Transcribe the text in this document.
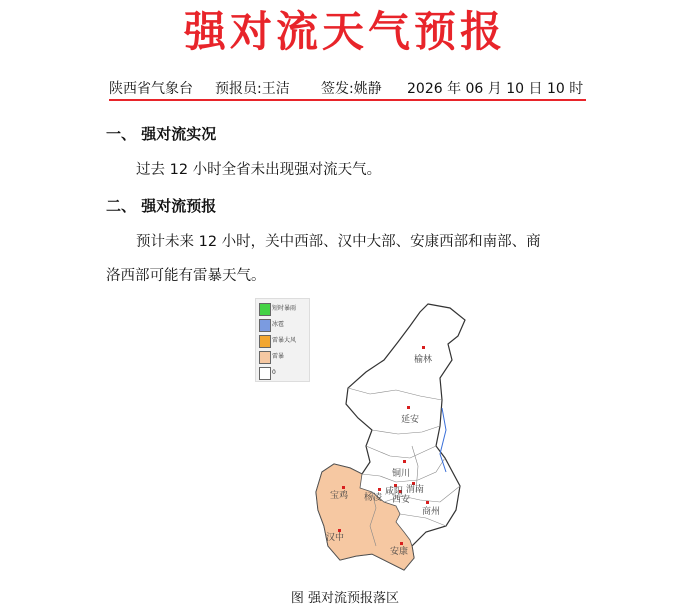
强对流天气预报
陕西省气象台 预报员:王洁 签发:姚静 2026 年 06 月 10 日 10 时
一、 强对流实况
过去 12 小时全省未出现强对流天气。
二、 强对流预报
预计未来 12 小时，关中西部、汉中大部、安康西部和南部、商
洛西部可能有雷暴天气。
短时暴雨
冰雹
雷暴大风
雷暴
0
榆林
延安
铜川
宝鸡 杨凌
咸阳 渭南
西安
商州
汉中
安康
图 强对流预报落区
